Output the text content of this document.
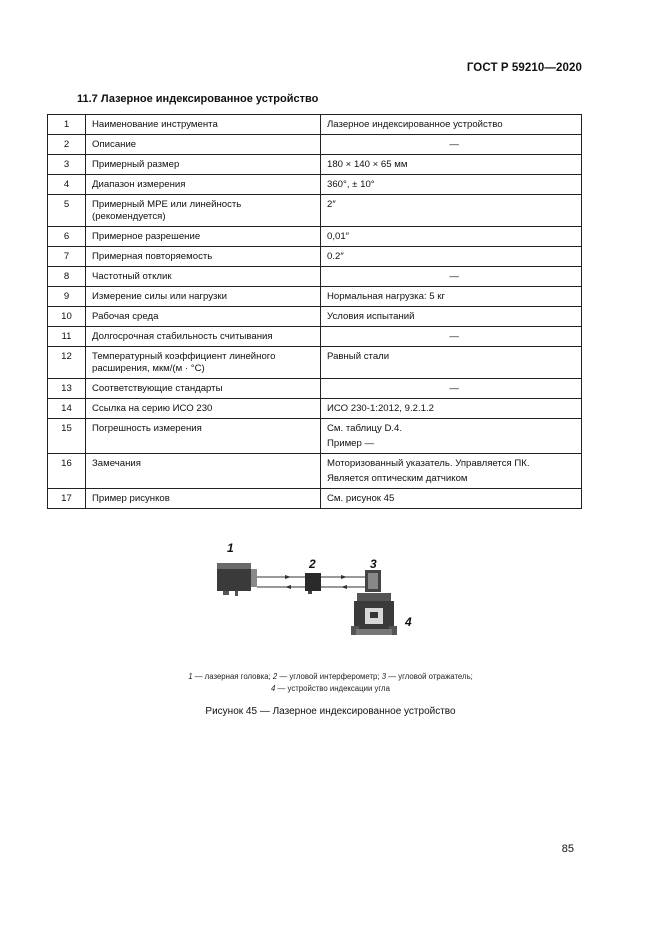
ГОСТ Р 59210—2020
11.7 Лазерное индексированное устройство
1	Наименование инструмента	Лазерное индексированное устройство
2	Описание	—
3	Примерный размер	180 × 140 × 65 мм
4	Диапазон измерения	360°, ± 10°
5	Примерный MPE или линейность (рекомендуется)	2″
6	Примерное разрешение	0,01″
7	Примерная повторяемость	0.2″
8	Частотный отклик	—
9	Измерение силы или нагрузки	Нормальная нагрузка: 5 кг
10	Рабочая среда	Условия испытаний
11	Долгосрочная стабильность считывания	—
12	Температурный коэффициент линейного расширения, мкм/(м · °С)	Равный стали
13	Соответствующие стандарты	—
14	Ссылка на серию ИСО 230	ИСО 230-1:2012, 9.2.1.2
15	Погрешность измерения	См. таблицу D.4.
Пример —

16	Замечания	Моторизованный указатель. Управляется ПК.
Является оптическим датчиком

17	Пример рисунков	См. рисунок 45
1
2	3
4
1 — лазерная головка; 2 — угловой интерферометр; 3 — угловой отражатель;
4 — устройство индексации угла
Рисунок 45 — Лазерное индексированное устройство
85
